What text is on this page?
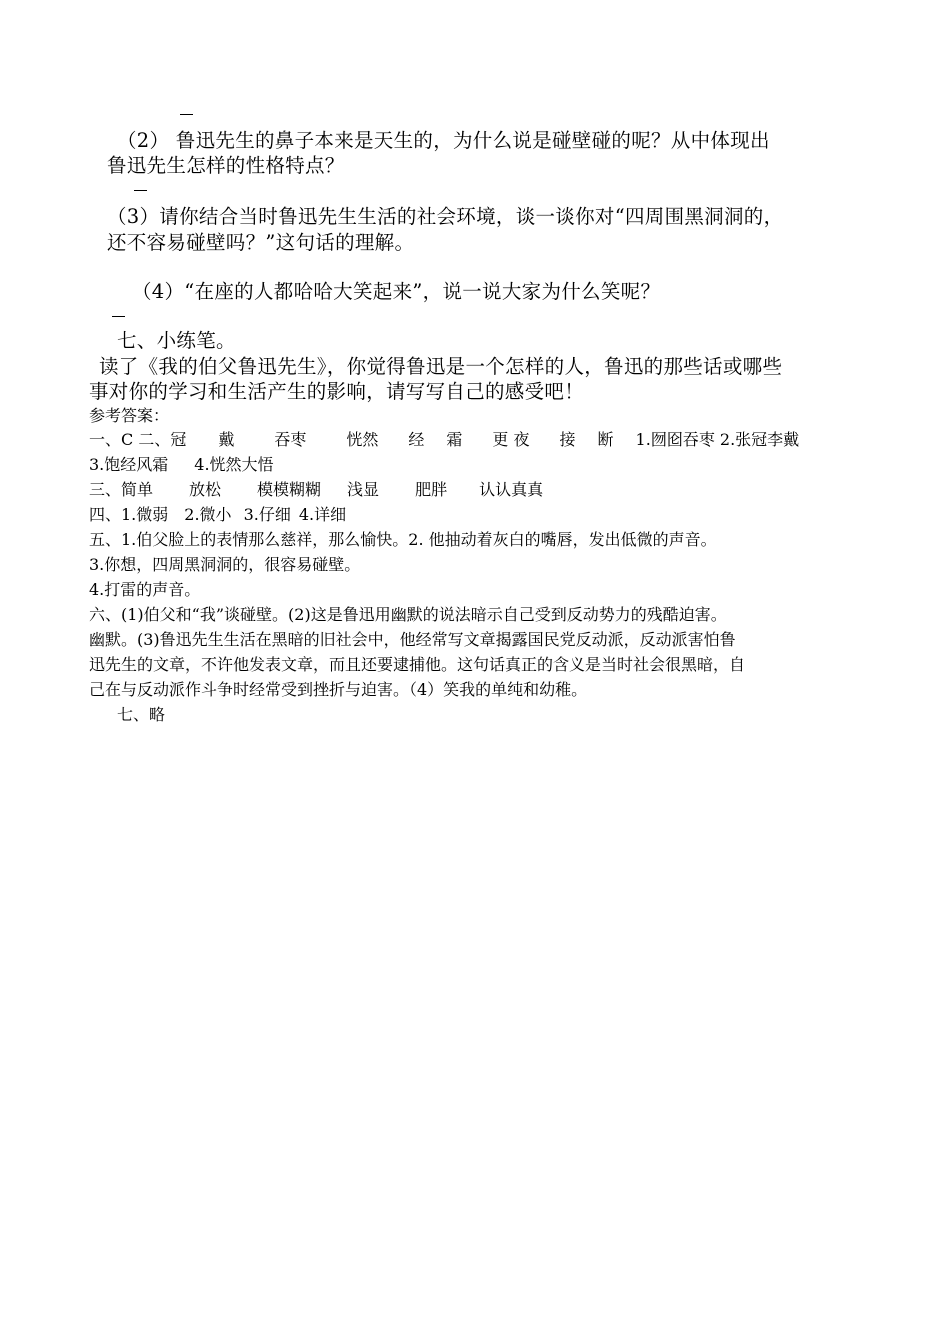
（2） 鲁迅先生的鼻子本来是天生的，为什么说是碰壁碰的呢？从中体现出
鲁迅先生怎样的性格特点？
（3）请你结合当时鲁迅先生生活的社会环境，谈一谈你对“四周围黑洞洞的，
还不容易碰壁吗？”这句话的理解。
（4）“在座的人都哈哈大笑起来”，说一说大家为什么笑呢？
七、小练笔。
读了《我的伯父鲁迅先生》，你觉得鲁迅是一个怎样的人，鲁迅的那些话或哪些
事对你的学习和生活产生的影响，请写写自己的感受吧！
参考答案：
一、C 二、冠 戴	吞枣	恍然 经 霜 更 夜 接 断 1.囫囵吞枣 2.张冠李戴
3.饱经风霜 4.恍然大悟
三、简单 放松 模模糊糊 浅显 肥胖 认认真真
四、1.微弱 2.微小 3.仔细 4.详细
五、1.伯父脸上的表情那么慈祥，那么愉快。2. 他抽动着灰白的嘴唇，发出低微的声音。
3.你想，四周黑洞洞的，很容易碰壁。
4.打雷的声音。
六、(1)伯父和“我”谈碰壁。(2)这是鲁迅用幽默的说法暗示自己受到反动势力的残酷迫害。
幽默。(3)鲁迅先生生活在黑暗的旧社会中，他经常写文章揭露国民党反动派，反动派害怕鲁
迅先生的文章，不许他发表文章，而且还要逮捕他。这句话真正的含义是当时社会很黑暗，自
己在与反动派作斗争时经常受到挫折与迫害。（4）笑我的单纯和幼稚。
七、略
